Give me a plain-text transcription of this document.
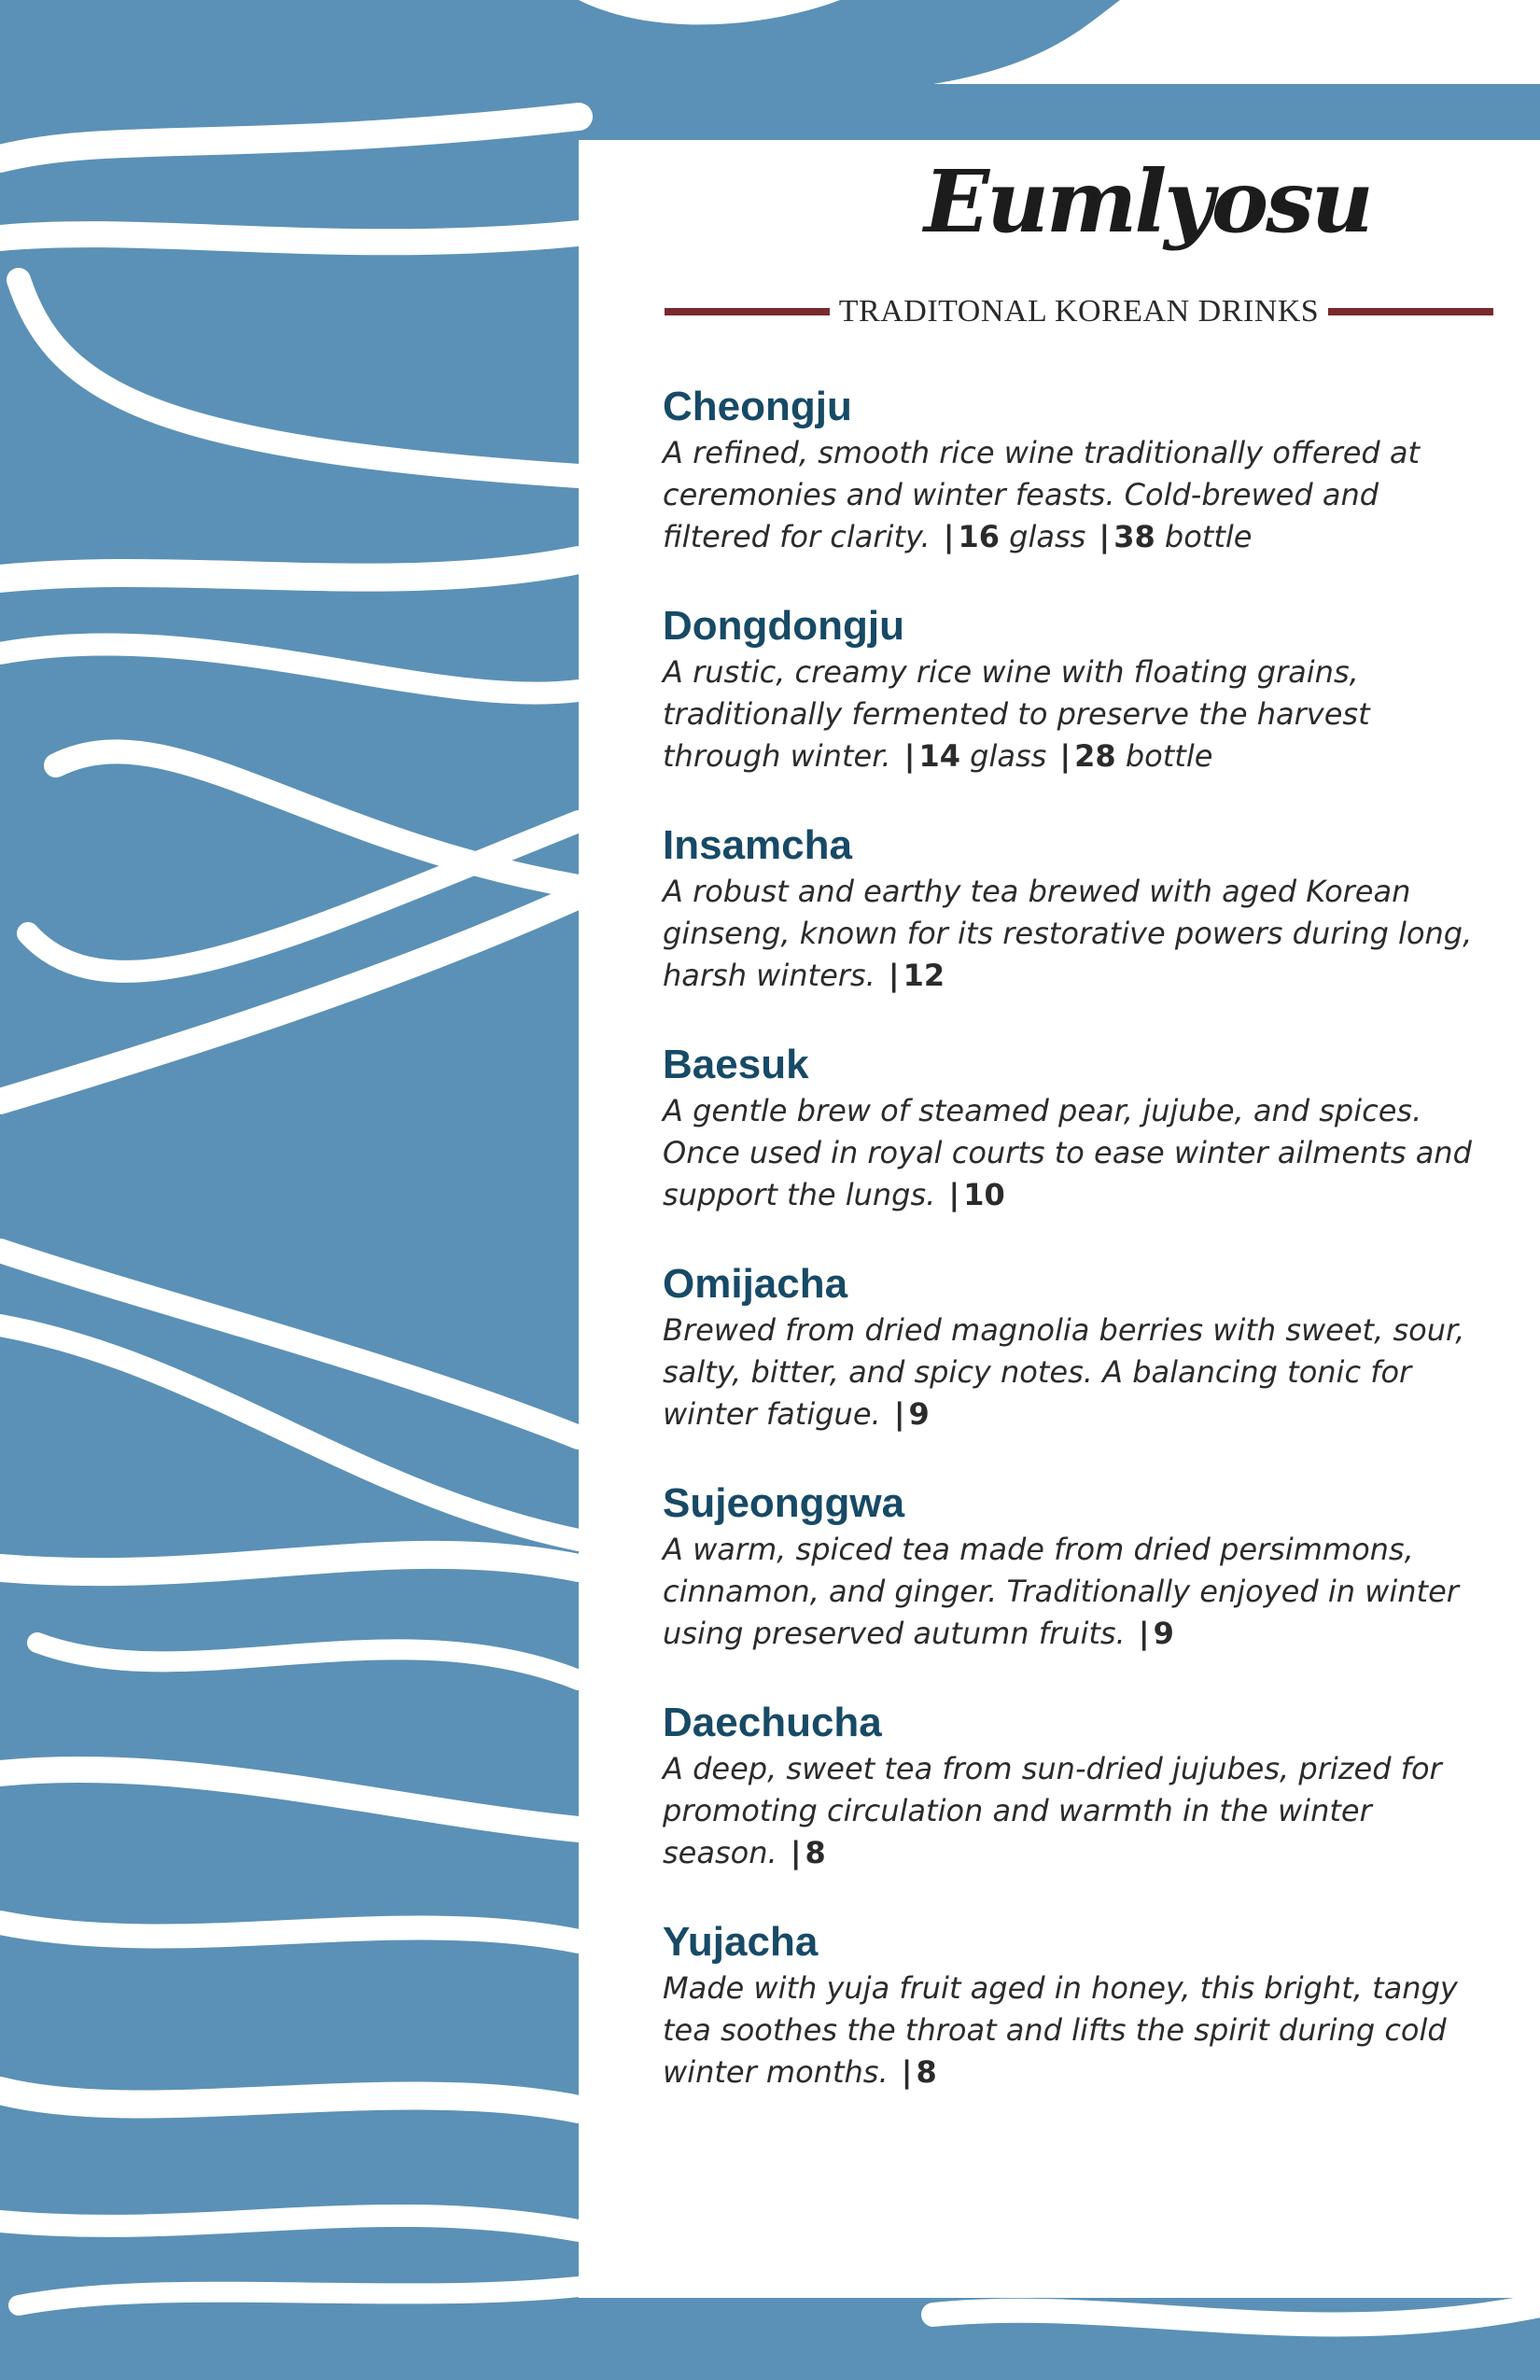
Eumlyosu
TRADITONAL KOREAN DRINKS
Cheongju
A refined, smooth rice wine traditionally offered at ceremonies and winter feasts. Cold-brewed and filtered for clarity. | 16 glass | 38 bottle
Dongdongju
A rustic, creamy rice wine with floating grains, traditionally fermented to preserve the harvest through winter. | 14 glass | 28 bottle
Insamcha
A robust and earthy tea brewed with aged Korean ginseng, known for its restorative powers during long, harsh winters. | 12
Baesuk
A gentle brew of steamed pear, jujube, and spices. Once used in royal courts to ease winter ailments and support the lungs. | 10
Omijacha
Brewed from dried magnolia berries with sweet, sour, salty, bitter, and spicy notes. A balancing tonic for winter fatigue. | 9
Sujeonggwa
A warm, spiced tea made from dried persimmons, cinnamon, and ginger. Traditionally enjoyed in winter using preserved autumn fruits. | 9
Daechucha
A deep, sweet tea from sun-dried jujubes, prized for promoting circulation and warmth in the winter season. | 8
Yujacha
Made with yuja fruit aged in honey, this bright, tangy tea soothes the throat and lifts the spirit during cold winter months. | 8
